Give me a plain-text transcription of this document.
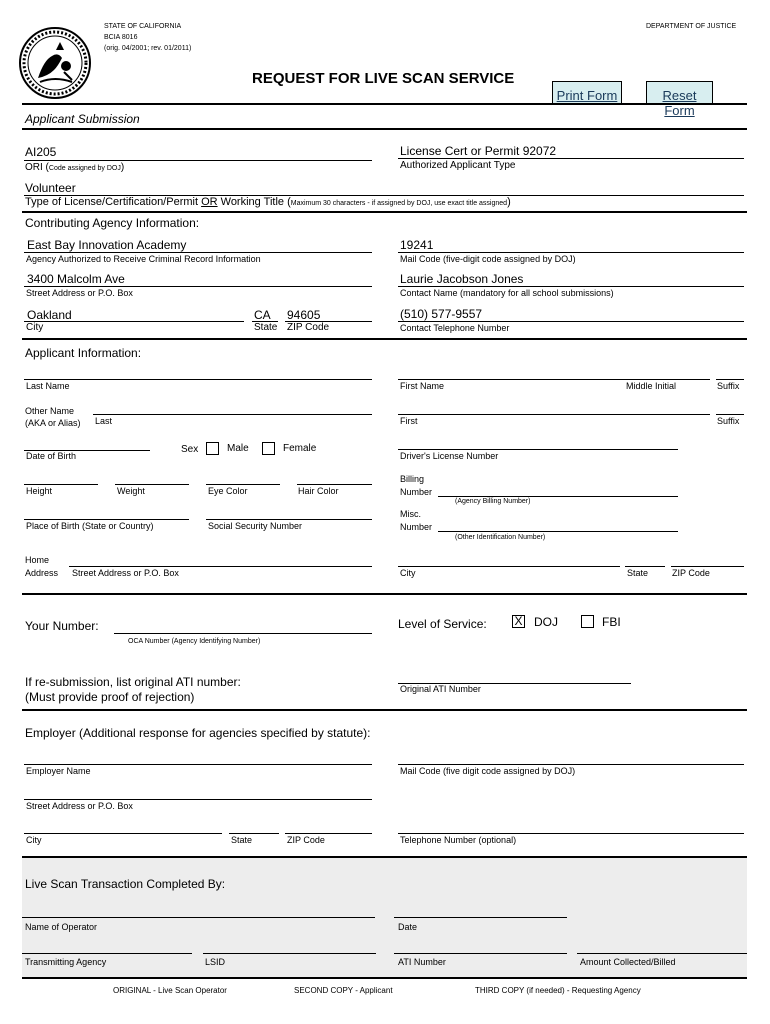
STATE OF CALIFORNIA
BCIA 8016
(orig. 04/2001; rev. 01/2011)
DEPARTMENT OF JUSTICE
REQUEST FOR LIVE SCAN SERVICE
Print Form	Reset Form
Applicant Submission
AI205
ORI (Code assigned by DOJ)
License Cert or Permit 92072
Authorized Applicant Type
Volunteer
Type of License/Certification/Permit OR Working Title (Maximum 30 characters - if assigned by DOJ, use exact title assigned)
Contributing Agency Information:
East Bay Innovation Academy
Agency Authorized to Receive Criminal Record Information
19241
Mail Code (five-digit code assigned by DOJ)
3400 Malcolm Ave
Street Address or P.O. Box
Laurie Jacobson Jones
Contact Name (mandatory for all school submissions)
Oakland	CA 94605
City	State ZIP Code
(510) 577-9557
Contact Telephone Number
Applicant Information:
Last Name	First Name	Middle Initial	Suffix
Other Name
(AKA or Alias) Last	First	Suffix
Date of Birth
Sex	Male	Female
Driver's License Number
Height	Weight	Eye Color	Hair Color
Billing
Number
(Agency Billing Number)
Place of Birth (State or Country)	Social Security Number
Misc.
Number
(Other Identification Number)
Home
Address Street Address or P.O. Box	City	State	ZIP Code
Your Number:
OCA Number (Agency Identifying Number)
Level of Service: X DOJ	FBI
If re-submission, list original ATI number:
(Must provide proof of rejection)
Original ATI Number
Employer (Additional response for agencies specified by statute):
Employer Name	Mail Code (five digit code assigned by DOJ)
Street Address or P.O. Box
City	State	ZIP Code	Telephone Number (optional)
Live Scan Transaction Completed By:
Name of Operator	Date
Transmitting Agency	LSID	ATI Number	Amount Collected/Billed
ORIGINAL - Live Scan Operator	SECOND COPY - Applicant	THIRD COPY (if needed) - Requesting Agency
